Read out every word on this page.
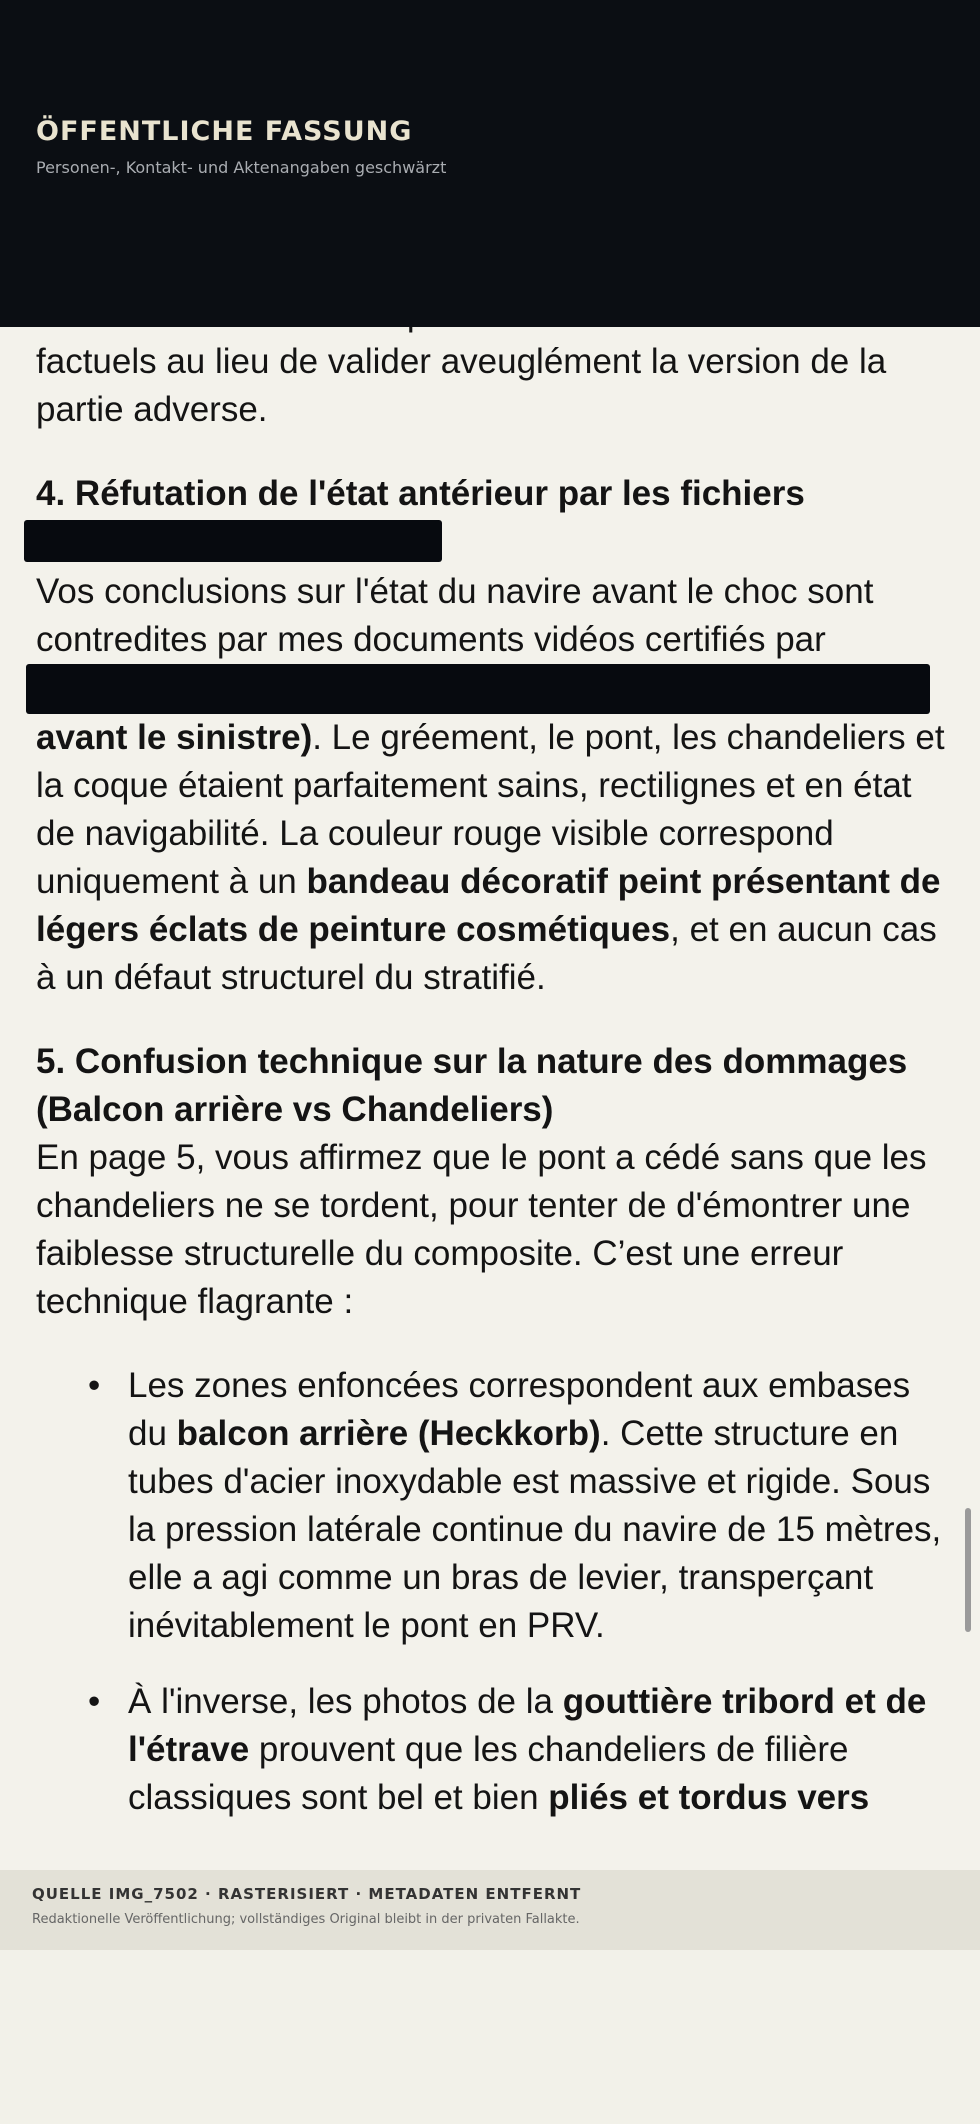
ÖFFENTLICHE FASSUNG
Personen-, Kontakt- und Aktenangaben geschwärzt

factuels au lieu de valider aveuglément la version de la

partie adverse.

4. Réfutation de l'état antérieur par les fichiers

Vos conclusions sur l'état du navire avant le choc sont contredites par mes documents vidéos certifiés par

avant le sinistre). Le gréement, le pont, les chandeliers et la coque étaient parfaitement sains, rectilignes et en état de navigabilité. La couleur rouge visible correspond uniquement à un bandeau décoratif peint présentant de légers éclats de peinture cosmétiques, et en aucun cas à un défaut structurel du stratifié.

5. Confusion technique sur la nature des dommages (Balcon arrière vs Chandeliers)

En page 5, vous affirmez que le pont a cédé sans que les chandeliers ne se tordent, pour tenter de d'émontrer une faiblesse structurelle du composite. C’est une erreur technique flagrante :

• Les zones enfoncées correspondent aux embases du balcon arrière (Heckkorb). Cette structure en tubes d'acier inoxydable est massive et rigide. Sous la pression latérale continue du navire de 15 mètres, elle a agi comme un bras de levier, transperçant inévitablement le pont en PRV.
• À l'inverse, les photos de la gouttière tribord et de l'étrave prouvent que les chandeliers de filière classiques sont bel et bien pliés et tordus vers
QUELLE IMG_7502 · RASTERISIERT · METADATEN ENTFERNT
Redaktionelle Veröffentlichung; vollständiges Original bleibt in der privaten Fallakte.
